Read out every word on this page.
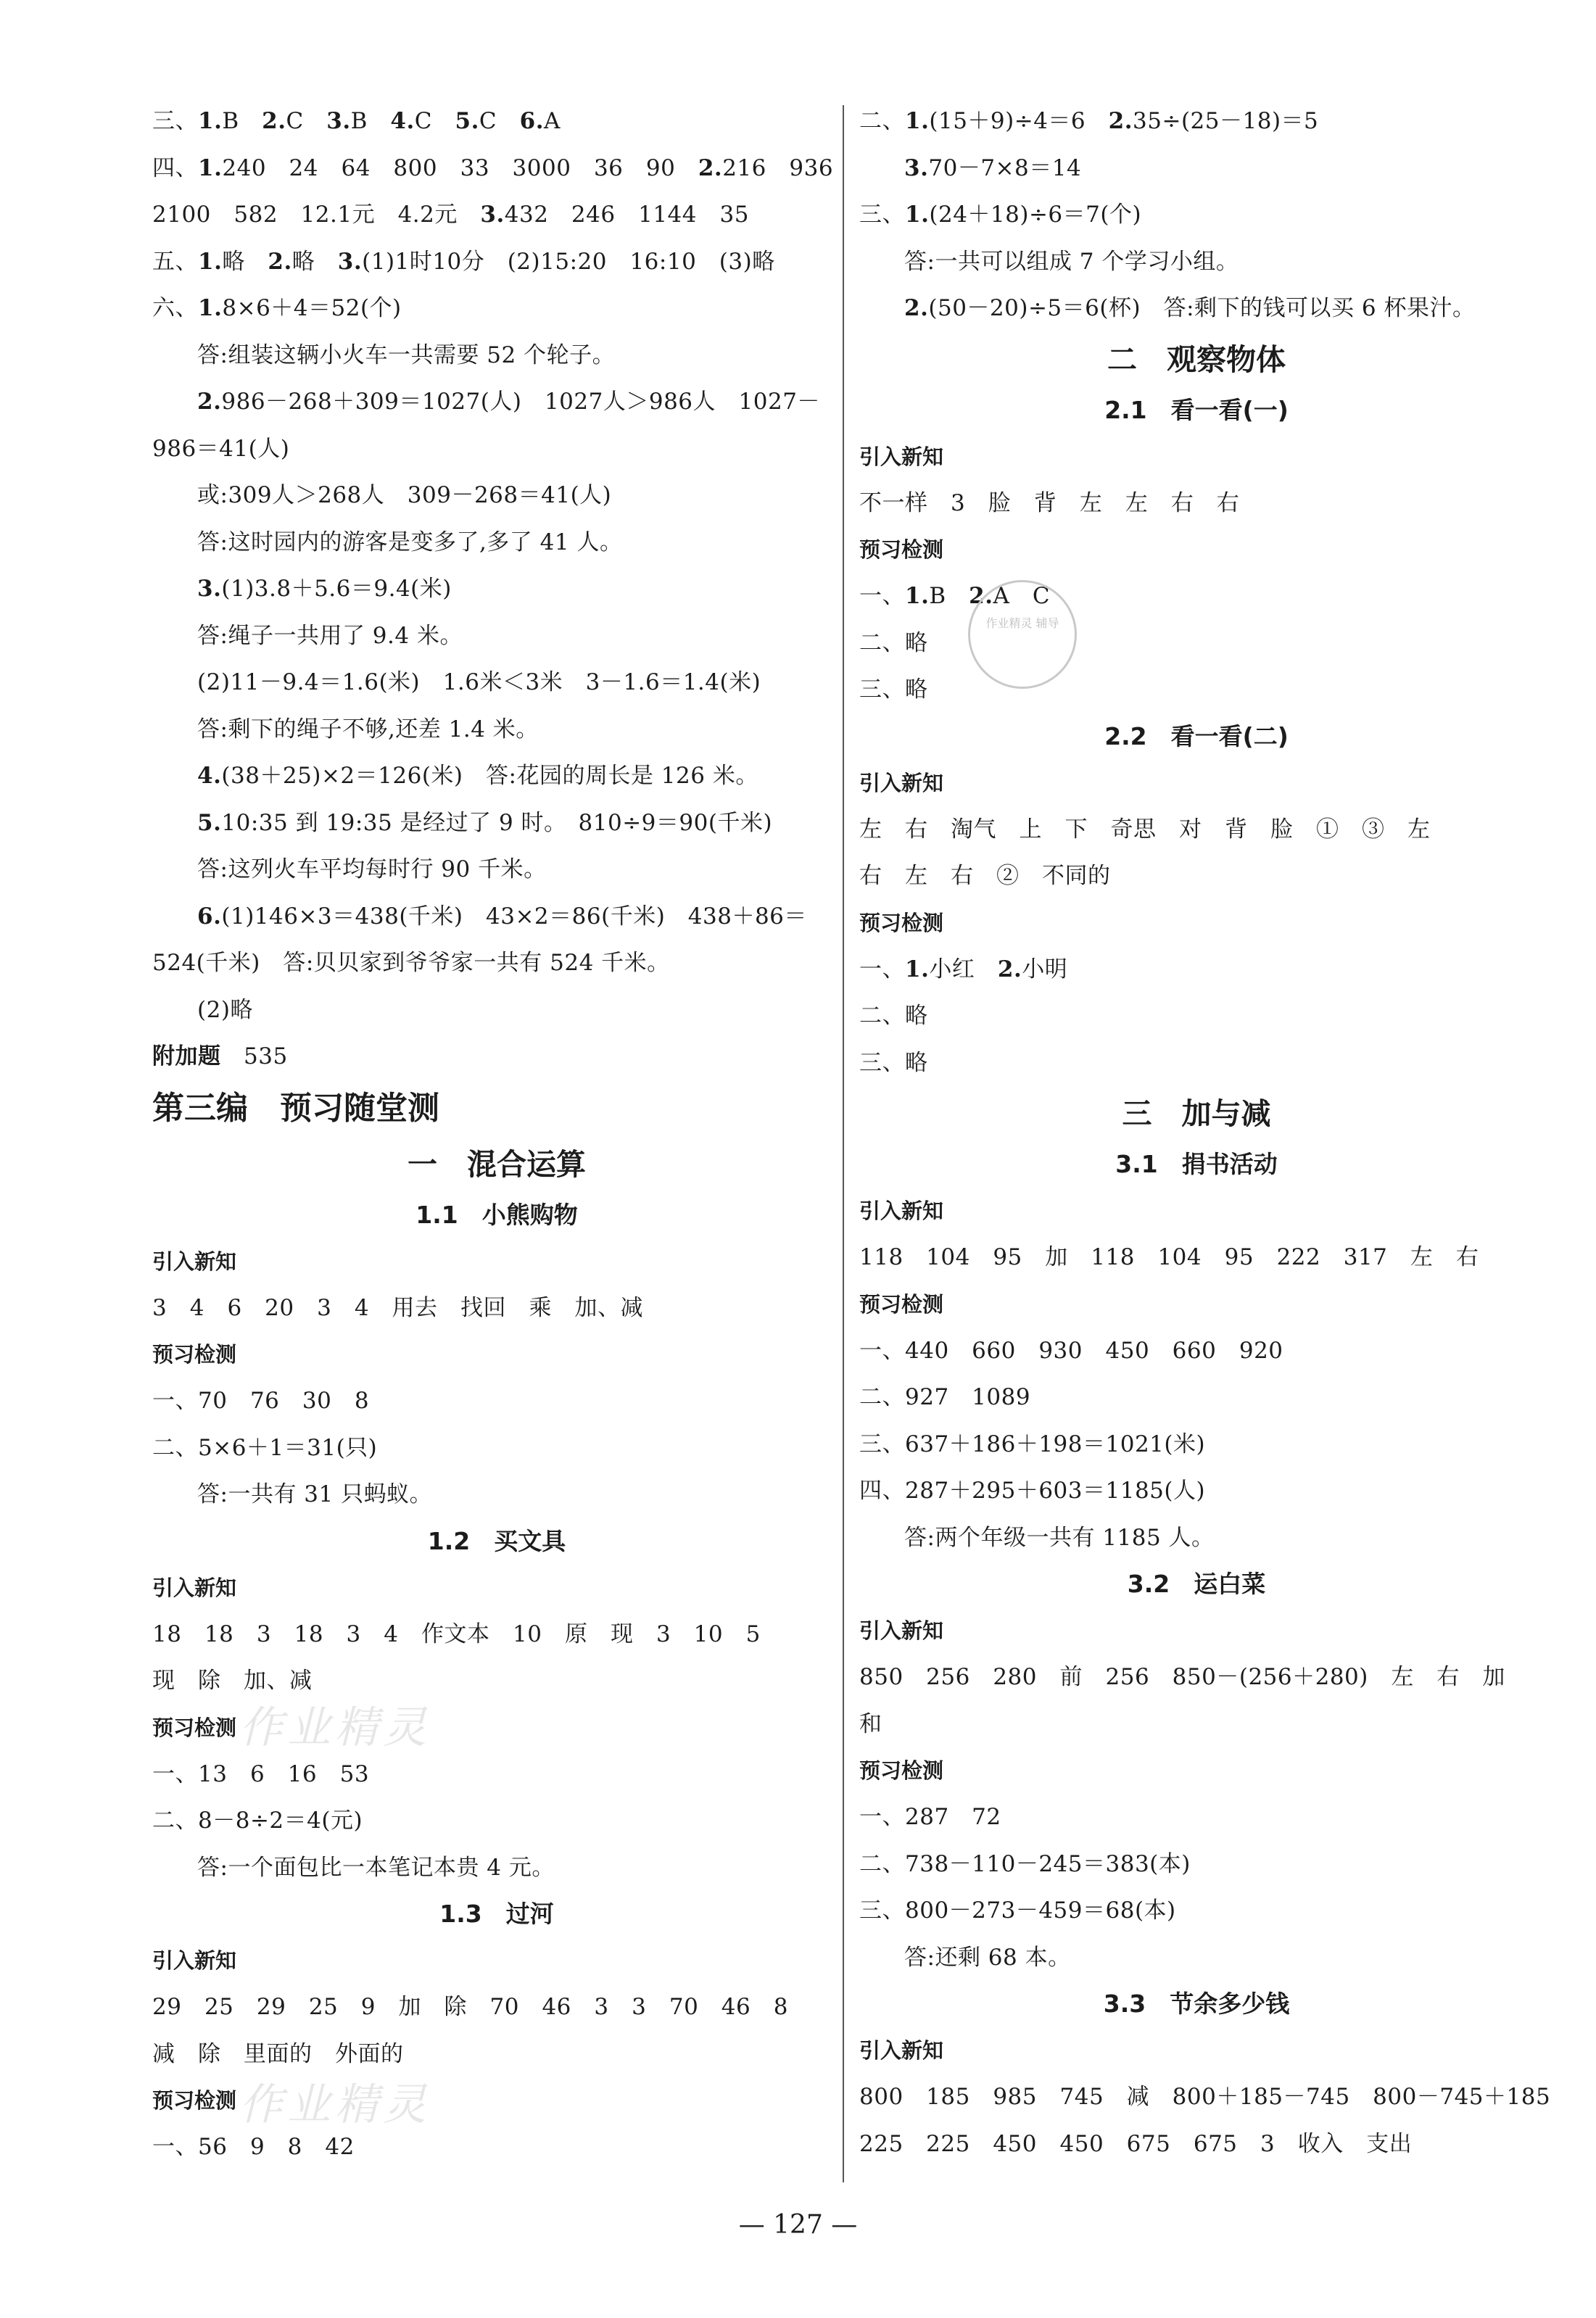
三、1.B　2.C　3.B　4.C　5.C　6.A
四、1.240　24　64　800　33　3000　36　90　2.216　936
2100　582　12.1元　4.2元　3.432　246　1144　35
五、1.略　2.略　3.(1)1时10分　(2)15:20　16:10　(3)略
六、1.8×6＋4＝52(个)
答:组装这辆小火车一共需要 52 个轮子。
2.986－268＋309＝1027(人)　1027人＞986人　1027－
986＝41(人)
或:309人＞268人　309－268＝41(人)
答:这时园内的游客是变多了,多了 41 人。
3.(1)3.8＋5.6＝9.4(米)
答:绳子一共用了 9.4 米。
(2)11－9.4＝1.6(米)　1.6米＜3米　3－1.6＝1.4(米)
答:剩下的绳子不够,还差 1.4 米。
4.(38＋25)×2＝126(米)　答:花园的周长是 126 米。
5.10:35 到 19:35 是经过了 9 时。　810÷9＝90(千米)
答:这列火车平均每时行 90 千米。
6.(1)146×3＝438(千米)　43×2＝86(千米)　438＋86＝
524(千米)　答:贝贝家到爷爷家一共有 524 千米。
(2)略
附加题　535
第三编　预习随堂测
一　混合运算
1.1　小熊购物
引入新知
3　4　6　20　3　4　用去　找回　乘　加、减
预习检测
一、70　76　30　8
二、5×6＋1＝31(只)
答:一共有 31 只蚂蚁。
1.2　买文具
引入新知
18　18　3　18　3　4　作文本　10　原　现　3　10　5
现　除　加、减
预习检测
一、13　6　16　53
二、8－8÷2＝4(元)
答:一个面包比一本笔记本贵 4 元。
1.3　过河
引入新知
29　25　29　25　9　加　除　70　46　3　3　70　46　8
减　除　里面的　外面的
预习检测
一、56　9　8　42
二、1.(15＋9)÷4＝6　2.35÷(25－18)＝5
3.70－7×8＝14
三、1.(24＋18)÷6＝7(个)
答:一共可以组成 7 个学习小组。
2.(50－20)÷5＝6(杯)　答:剩下的钱可以买 6 杯果汁。
二　观察物体
2.1　看一看(一)
引入新知
不一样　3　脸　背　左　左　右　右
预习检测
一、1.B　2.A　C
二、略
三、略
2.2　看一看(二)
引入新知
左　右　淘气　上　下　奇思　对　背　脸　①　③　左
右　左　右　②　不同的
预习检测
一、1.小红　2.小明
二、略
三、略
三　加与减
3.1　捐书活动
引入新知
118　104　95　加　118　104　95　222　317　左　右
预习检测
一、440　660　930　450　660　920
二、927　1089
三、637＋186＋198＝1021(米)
四、287＋295＋603＝1185(人)
答:两个年级一共有 1185 人。
3.2　运白菜
引入新知
850　256　280　前　256　850－(256＋280)　左　右　加
和
预习检测
一、287　72
二、738－110－245＝383(本)
三、800－273－459＝68(本)
答:还剩 68 本。
3.3　节余多少钱
引入新知
800　185　985　745　减　800＋185－745　800－745＋185
225　225　450　450　675　675　3　收入　支出
作业精灵
作业精灵
作业精灵 辅导
— 127 —
